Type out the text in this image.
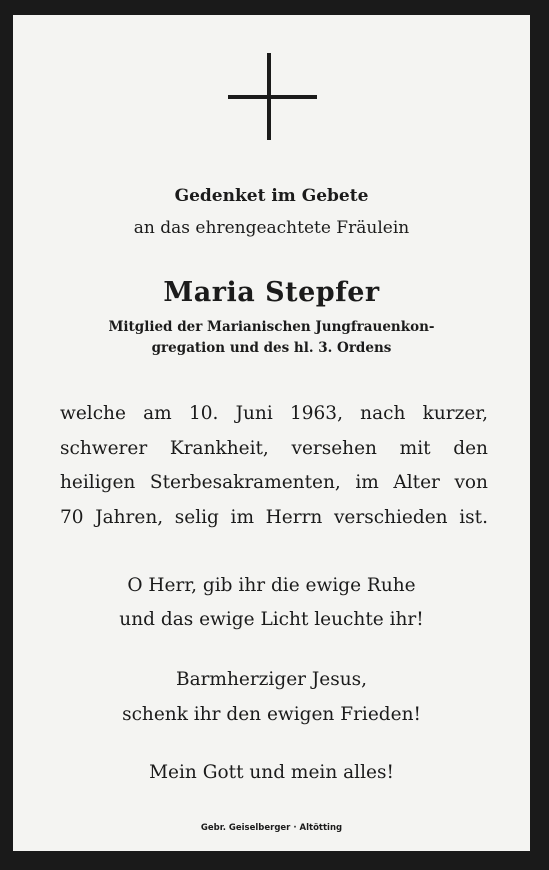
Gedenket im Gebete
an das ehrengeachtete Fräulein
Maria Stepfer
Mitglied der Marianischen Jungfrauenkon-
gregation und des hl. 3. Ordens
welche am 10. Juni 1963, nach kurzer,
schwerer Krankheit, versehen mit den
heiligen Sterbesakramenten, im Alter von
70 Jahren, selig im Herrn verschieden ist.
O Herr, gib ihr die ewige Ruhe
und das ewige Licht leuchte ihr!
Barmherziger Jesus,
schenk ihr den ewigen Frieden!
Mein Gott und mein alles!
Gebr. Geiselberger · Altötting
